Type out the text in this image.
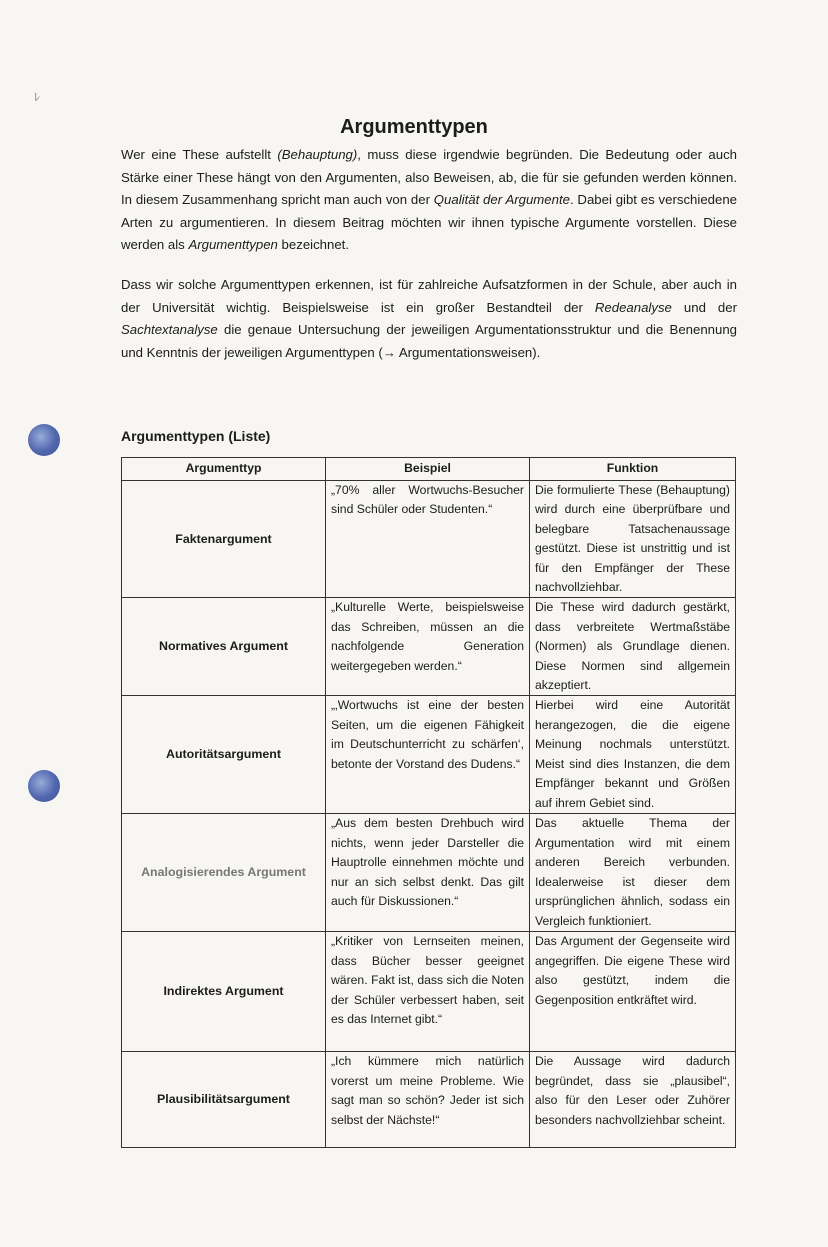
ﾚ
Argumenttypen

Wer eine These aufstellt (Behauptung), muss diese irgendwie begründen. Die Bedeutung oder auch Stärke einer These hängt von den Argumenten, also Beweisen, ab, die für sie gefunden werden können. In diesem Zusammenhang spricht man auch von der Qualität der Argumente. Dabei gibt es verschiedene Arten zu argumentieren. In diesem Beitrag möchten wir ihnen typische Argumente vorstellen. Diese werden als Argumenttypen bezeichnet.

Dass wir solche Argumenttypen erkennen, ist für zahlreiche Aufsatzformen in der Schule, aber auch in der Universität wichtig. Beispielsweise ist ein großer Bestandteil der Redeanalyse und der Sachtextanalyse die genaue Untersuchung der jeweiligen Argumentationsstruktur und die Benennung und Kenntnis der jeweiligen Argumenttypen (→ Argumentationsweisen).

Argumenttypen (Liste)
Argumenttyp	Beispiel	Funktion
Faktenargument	„70% aller Wortwuchs-Besucher sind Schüler oder Studenten.“	Die formulierte These (Behauptung) wird durch eine überprüfbare und belegbare Tatsachenaussage gestützt. Diese ist unstrittig und ist für den Empfänger der These nachvollziehbar.
Normatives Argument	„Kulturelle Werte, beispielsweise das Schreiben, müssen an die nachfolgende Generation weitergegeben werden.“	Die These wird dadurch gestärkt, dass verbreitete Wertmaßstäbe (Normen) als Grundlage dienen. Diese Normen sind allgemein akzeptiert.
Autoritätsargument	„‚Wortwuchs ist eine der besten Seiten, um die eigenen Fähigkeit im Deutschunterricht zu schärfen‘, betonte der Vorstand des Dudens.“	Hierbei wird eine Autorität herangezogen, die die eigene Meinung nochmals unterstützt. Meist sind dies Instanzen, die dem Empfänger bekannt und Größen auf ihrem Gebiet sind.
Analogisierendes Argument	„Aus dem besten Drehbuch wird nichts, wenn jeder Darsteller die Hauptrolle einnehmen möchte und nur an sich selbst denkt. Das gilt auch für Diskussionen.“	Das aktuelle Thema der Argumentation wird mit einem anderen Bereich verbunden. Idealerweise ist dieser dem ursprünglichen ähnlich, sodass ein Vergleich funktioniert.
Indirektes Argument	„Kritiker von Lernseiten meinen, dass Bücher besser geeignet wären. Fakt ist, dass sich die Noten der Schüler verbessert haben, seit es das Internet gibt.“	Das Argument der Gegenseite wird angegriffen. Die eigene These wird also gestützt, indem die Gegenposition entkräftet wird.
Plausibilitätsargument	„Ich kümmere mich natürlich vorerst um meine Probleme. Wie sagt man so schön? Jeder ist sich selbst der Nächste!“	Die Aussage wird dadurch begründet, dass sie „plausibel“, also für den Leser oder Zuhörer besonders nachvollziehbar scheint.
